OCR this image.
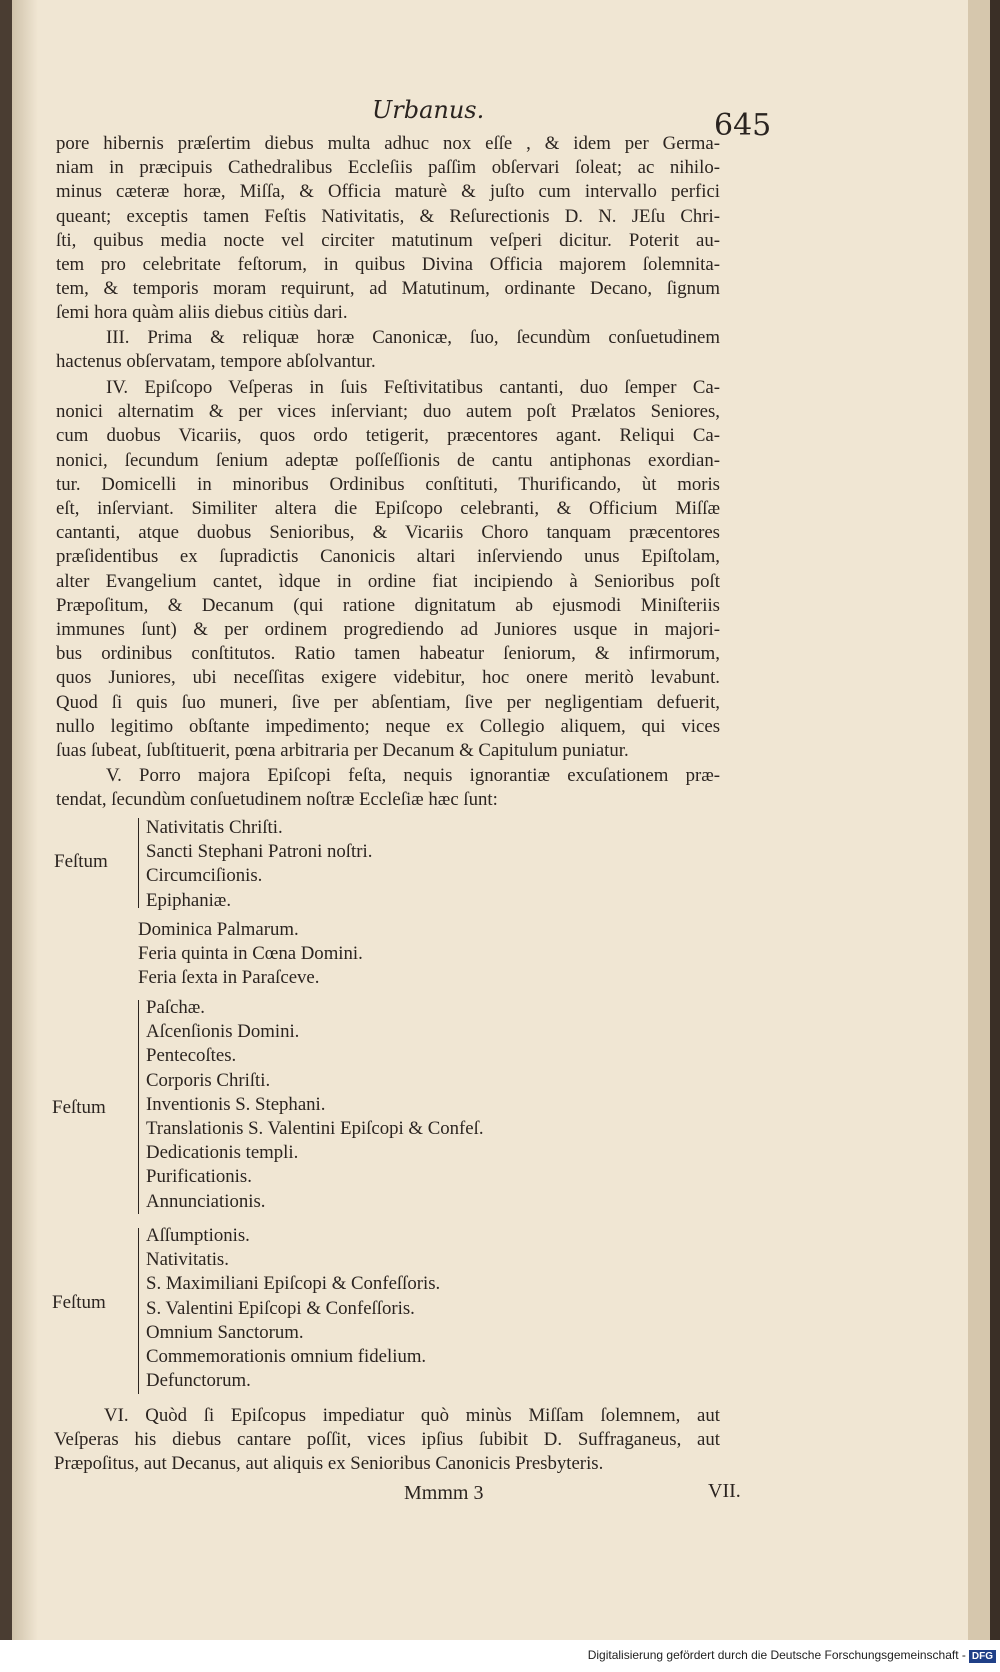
Urbanus.	645
pore hibernis præſertim diebus multa adhuc nox eſſe , & idem per Germa-
niam in præcipuis Cathedralibus Eccleſiis paſſim obſervari ſoleat; ac nihilo-
minus cæteræ horæ, Miſſa, & Officia maturè & juſto cum intervallo perfici
queant; exceptis tamen Feſtis Nativitatis, & Reſurectionis D. N. JEſu Chri-
ſti, quibus media nocte vel circiter matutinum veſperi dicitur. Poterit au-
tem pro celebritate feſtorum, in quibus Divina Officia majorem ſolemnita-
tem, & temporis moram requirunt, ad Matutinum, ordinante Decano, ſignum
ſemi hora quàm aliis diebus citiùs dari.
III. Prima & reliquæ horæ Canonicæ, ſuo, ſecundùm conſuetudinem
hactenus obſervatam, tempore abſolvantur.
IV. Epiſcopo Veſperas in ſuis Feſtivitatibus cantanti, duo ſemper Ca-
nonici alternatim & per vices inſerviant; duo autem poſt Prælatos Seniores,
cum duobus Vicariis, quos ordo tetigerit, præcentores agant. Reliqui Ca-
nonici, ſecundum ſenium adeptæ poſſeſſionis de cantu antiphonas exordian-
tur. Domicelli in minoribus Ordinibus conſtituti, Thurificando, ùt moris
eſt, inſerviant. Similiter altera die Epiſcopo celebranti, & Officium Miſſæ
cantanti, atque duobus Senioribus, & Vicariis Choro tanquam præcentores
præſidentibus ex ſupradictis Canonicis altari inſerviendo unus Epiſtolam,
alter Evangelium cantet, ìdque in ordine fiat incipiendo à Senioribus poſt
Præpoſitum, & Decanum (qui ratione dignitatum ab ejusmodi Miniſteriis
immunes ſunt) & per ordinem progrediendo ad Juniores usque in majori-
bus ordinibus conſtitutos. Ratio tamen habeatur ſeniorum, & infirmorum,
quos Juniores, ubi neceſſitas exigere videbitur, hoc onere meritò levabunt.
Quod ſi quis ſuo muneri, ſive per abſentiam, ſive per negligentiam defuerit,
nullo legitimo obſtante impedimento; neque ex Collegio aliquem, qui vices
ſuas ſubeat, ſubſtituerit, pœna arbitraria per Decanum & Capitulum puniatur.
V. Porro majora Epiſcopi feſta, nequis ignorantiæ excuſationem præ-
tendat, ſecundùm conſuetudinem noſtræ Eccleſiæ hæc ſunt:
Feſtum
Nativitatis Chriſti.
Sancti Stephani Patroni noſtri.
Circumciſionis.
Epiphaniæ.
Dominica Palmarum.
Feria quinta in Cœna Domini.
Feria ſexta in Paraſceve.
Feſtum
Paſchæ.
Aſcenſionis Domini.
Pentecoſtes.
Corporis Chriſti.
Inventionis S. Stephani.
Translationis S. Valentini Epiſcopi & Confeſ.
Dedicationis templi.
Purificationis.
Annunciationis.
Feſtum
Aſſumptionis.
Nativitatis.
S. Maximiliani Epiſcopi & Confeſſoris.
S. Valentini Epiſcopi & Confeſſoris.
Omnium Sanctorum.
Commemorationis omnium fidelium.
Defunctorum.
VI. Quòd ſi Epiſcopus impediatur quò minùs Miſſam ſolemnem, aut
Veſperas his diebus cantare poſſit, vices ipſius ſubibit D. Suffraganeus, aut
Præpoſitus, aut Decanus, aut aliquis ex Senioribus Canonicis Presbyteris.
Mmmm 3	VII.
Digitalisierung gefördert durch die Deutsche Forschungsgemeinschaft - DFG
